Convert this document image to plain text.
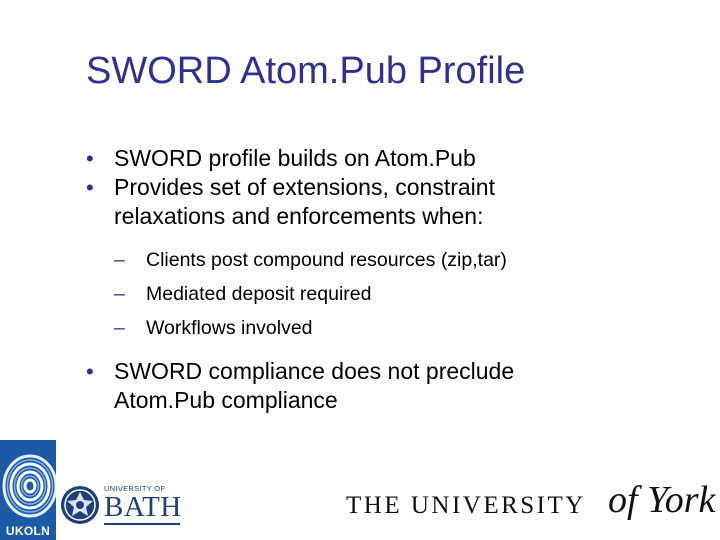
SWORD Atom.Pub Profile
• SWORD profile builds on Atom.Pub
• Provides set of extensions, constraint
relaxations and enforcements when:
– Clients post compound resources (zip,tar)
– Mediated deposit required
– Workflows involved
• SWORD compliance does not preclude
Atom.Pub compliance
UKOLN
UNIVERSITY OF
BATH	THE UNIVERSITY of York
